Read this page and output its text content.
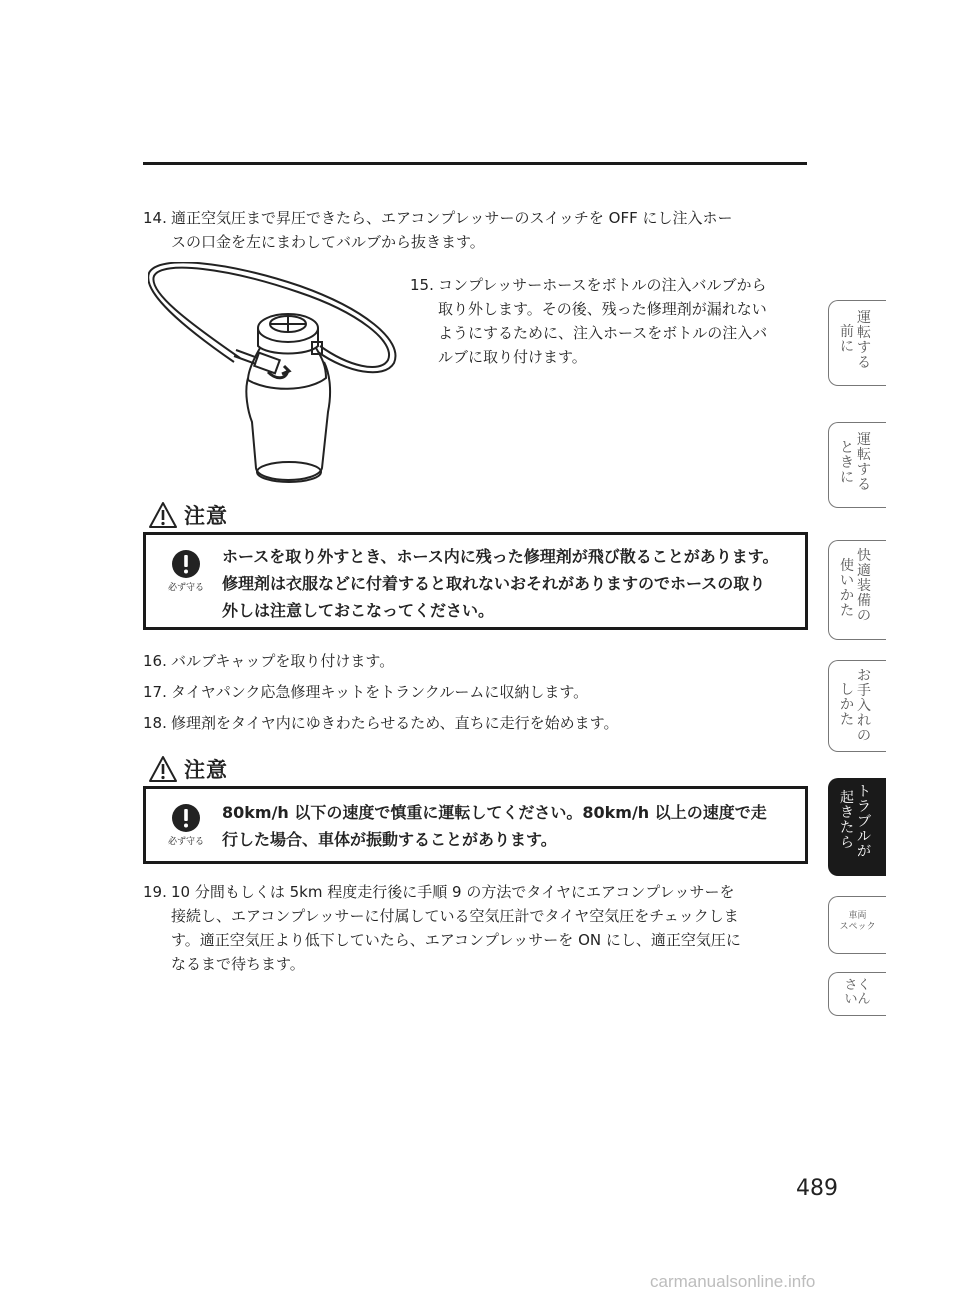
14. 適正空気圧まで昇圧できたら、エアコンプレッサーのスイッチを OFF にし注入ホー
スの口金を左にまわしてバルブから抜きます。
15. コンプレッサーホースをボトルの注入バルブから
取り外します。その後、残った修理剤が漏れない
ようにするために、注入ホースをボトルの注入バ
ルブに取り付けます。
注意
必ず守る
ホースを取り外すとき、ホース内に残った修理剤が飛び散ることがあります。
修理剤は衣服などに付着すると取れないおそれがありますのでホースの取り
外しは注意しておこなってください。
16. バルブキャップを取り付けます。
17. タイヤパンク応急修理キットをトランクルームに収納します。
18. 修理剤をタイヤ内にゆきわたらせるため、直ちに走行を始めます。
注意
必ず守る
80km/h 以下の速度で慎重に運転してください。80km/h 以上の速度で走
行した場合、車体が振動することがあります。
19. 10 分間もしくは 5km 程度走行後に手順 9 の方法でタイヤにエアコンプレッサーを
接続し、エアコンプレッサーに付属している空気圧計でタイヤ空気圧をチェックしま
す。適正空気圧より低下していたら、エアコンプレッサーを ON にし、適正空気圧に
なるまで待ちます。
前
に
運
転
す
る
と
き
に
運
転
す
る
使
い
か
た
快
適
装
備
の
し
か
た
お
手
入
れ
の
起
き
た
ら
ト
ラ
ブ
ル
が
車両
スペック
さく
いん
489
carmanualsonline.info
